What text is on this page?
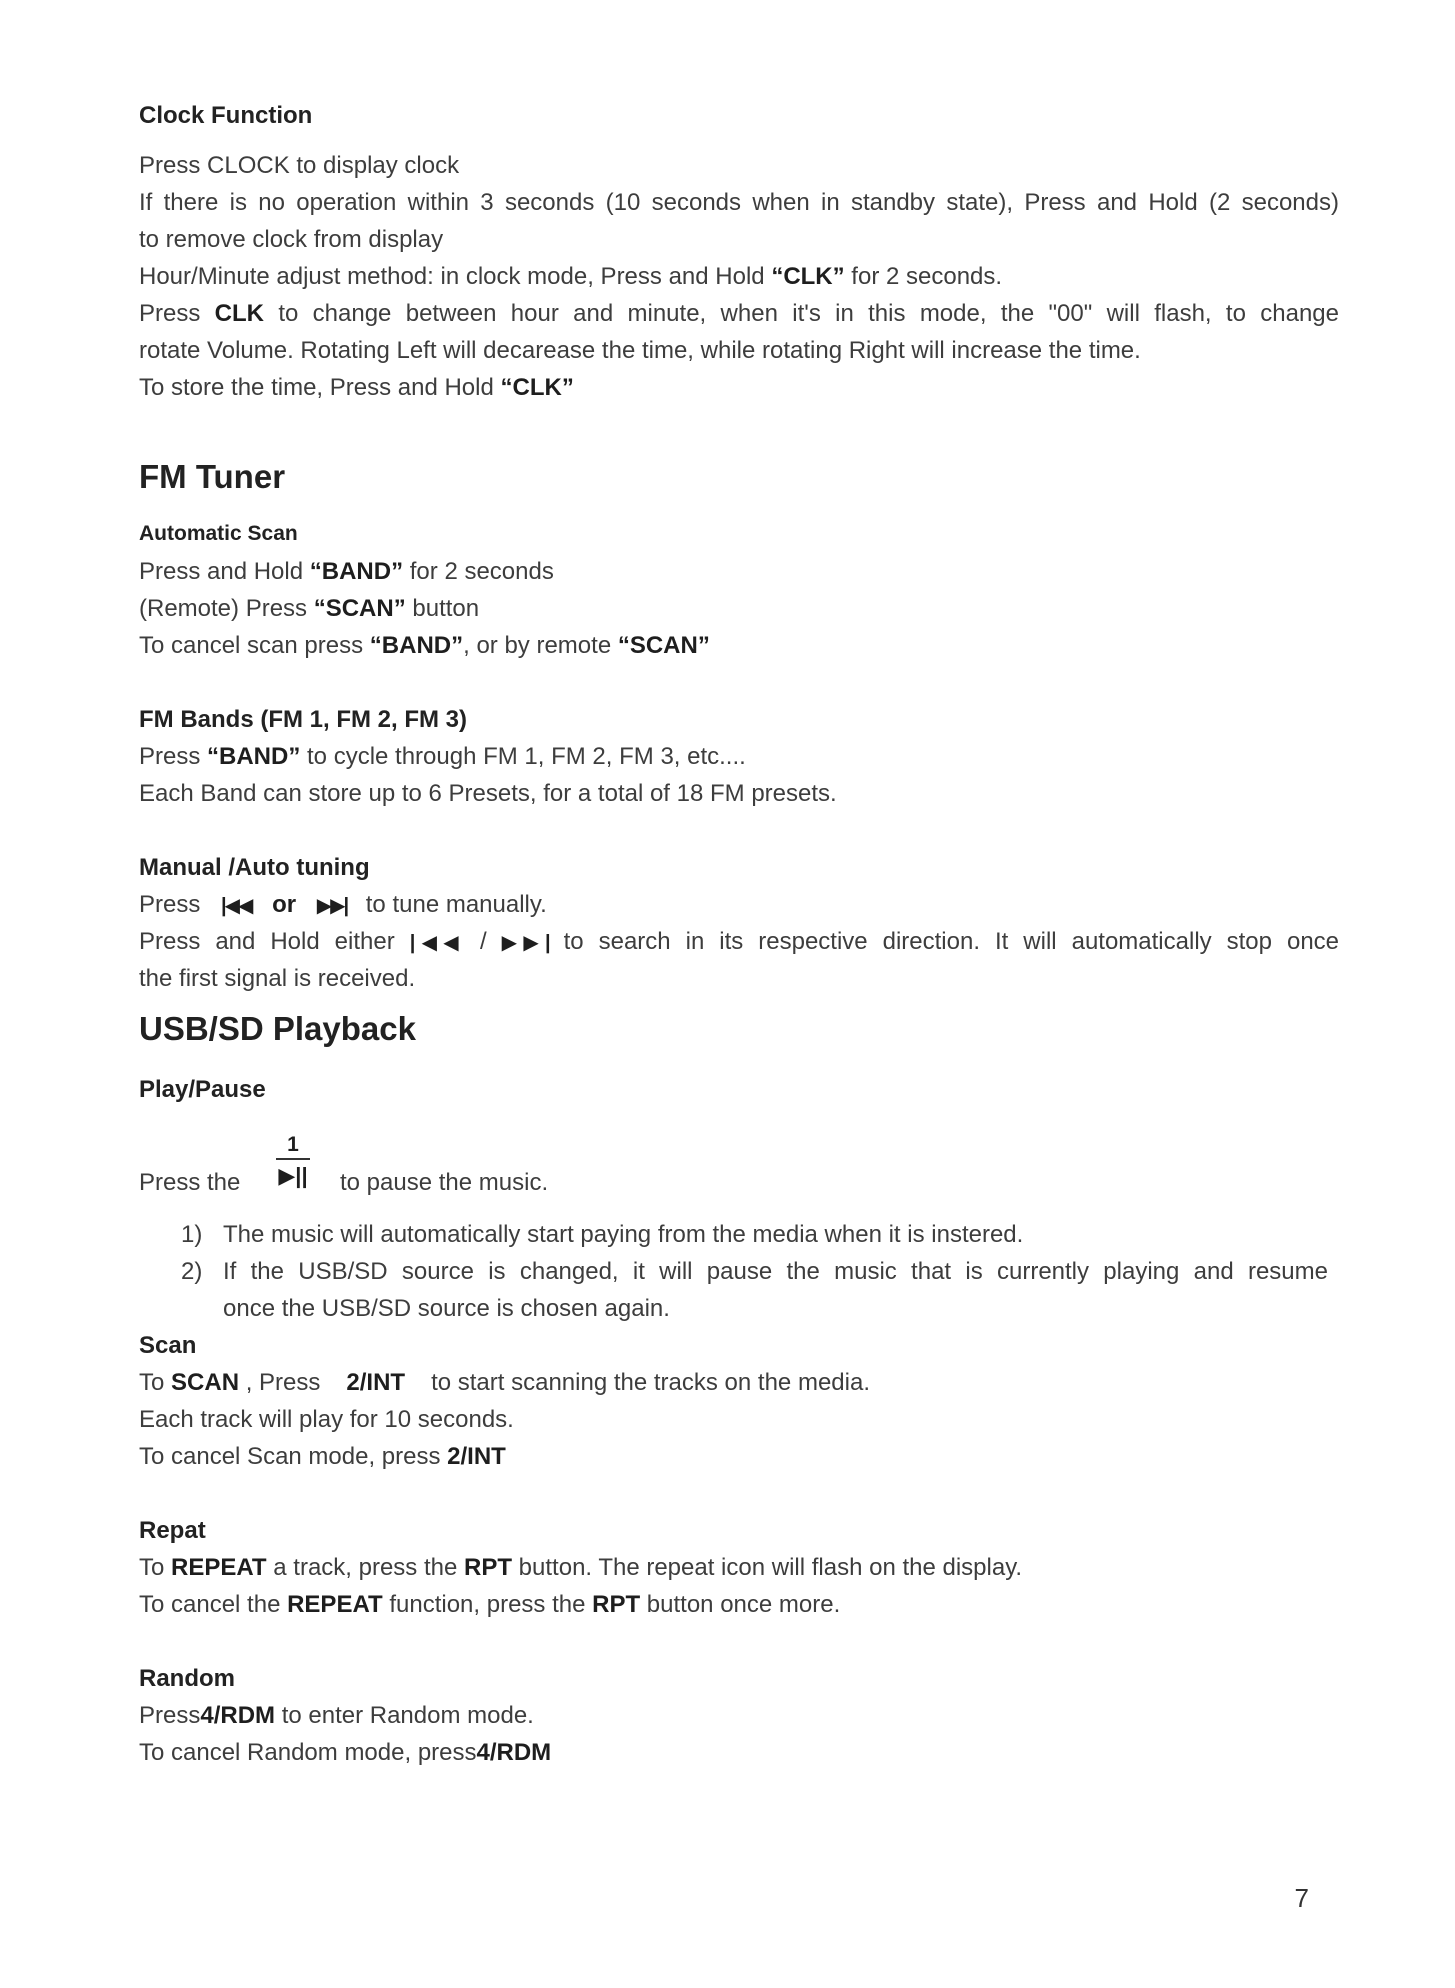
Clock Function
Press CLOCK to display clock
If there is no operation within 3 seconds (10 seconds when in standby state), Press and Hold (2 seconds)
to remove clock from display
Hour/Minute adjust method: in clock mode, Press and Hold “CLK” for 2 seconds.
Press CLK to change between hour and minute, when it's in this mode, the "00" will flash, to change
rotate Volume. Rotating Left will decarease the time, while rotating Right will increase the time.
To store the time, Press and Hold “CLK”
FM Tuner
Automatic Scan
Press and Hold “BAND” for 2 seconds
(Remote) Press “SCAN” button
To cancel scan press “BAND”, or by remote “SCAN”
FM Bands (FM 1, FM 2, FM 3)
Press “BAND” to cycle through FM 1, FM 2, FM 3, etc....
Each Band can store up to 6 Presets, for a total of 18 FM presets.
Manual /Auto tuning
Press |◀◀ or ▶▶| to tune manually.
Press and Hold either |◀◀ / ▶▶| to search in its respective direction. It will automatically stop once
the first signal is received.
USB/SD Playback
Play/Pause
Press the
1
▶|| to pause the music.
1) The music will automatically start paying from the media when it is instered.
2) If the USB/SD source is changed, it will pause the music that is currently playing and resume
once the USB/SD source is chosen again.
Scan
To SCAN , Press 2/INT to start scanning the tracks on the media.
Each track will play for 10 seconds.
To cancel Scan mode, press 2/INT
Repat
To REPEAT a track, press the RPT button. The repeat icon will flash on the display.
To cancel the REPEAT function, press the RPT button once more.
Random
Press4/RDM to enter Random mode.
To cancel Random mode, press4/RDM
7
